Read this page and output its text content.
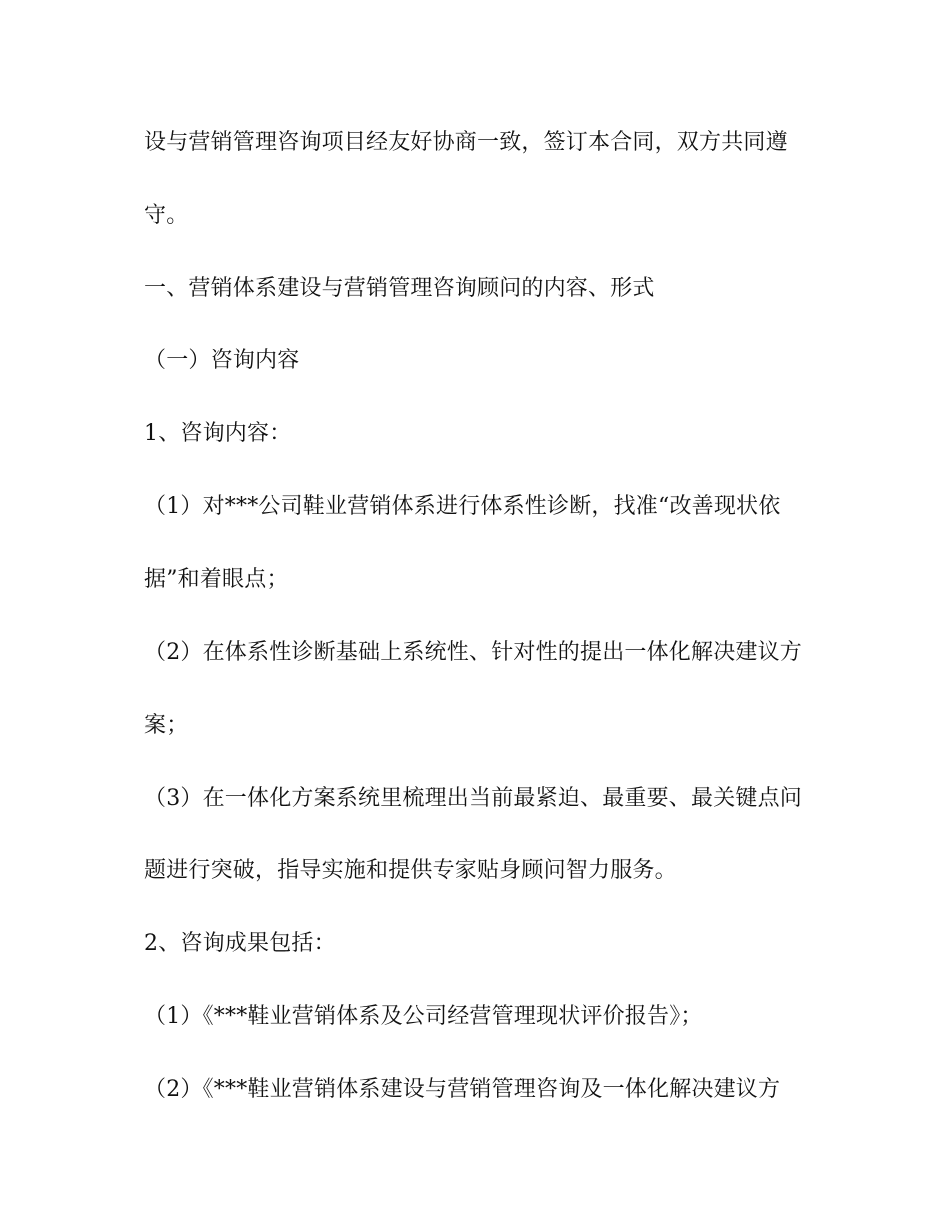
设与营销管理咨询项目经友好协商一致，签订本合同，双方共同遵
守。
一、营销体系建设与营销管理咨询顾问的内容、形式
（一）咨询内容
1、咨询内容：
（1）对***公司鞋业营销体系进行体系性诊断，找准“改善现状依
据”和着眼点；
（2）在体系性诊断基础上系统性、针对性的提出一体化解决建议方
案；
（3）在一体化方案系统里梳理出当前最紧迫、最重要、最关键点问
题进行突破，指导实施和提供专家贴身顾问智力服务。
2、咨询成果包括：
（1）《***鞋业营销体系及公司经营管理现状评价报告》；
（2）《***鞋业营销体系建设与营销管理咨询及一体化解决建议方
